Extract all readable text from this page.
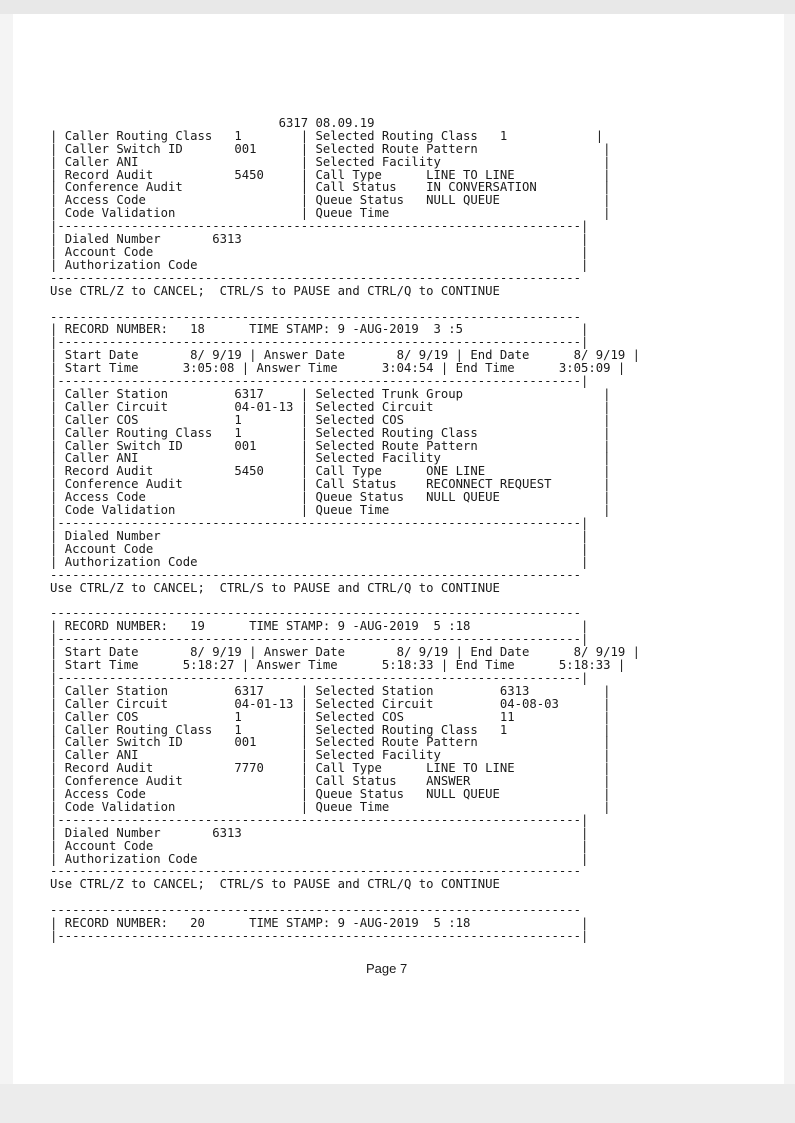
6317 08.09.19
| Caller Routing Class   1        | Selected Routing Class   1            |
| Caller Switch ID       001      | Selected Route Pattern                 |
| Caller ANI                      | Selected Facility                      |
| Record Audit           5450     | Call Type      LINE TO LINE            |
| Conference Audit                | Call Status    IN CONVERSATION         |
| Access Code                     | Queue Status   NULL QUEUE              |
| Code Validation                 | Queue Time                             |
|-----------------------------------------------------------------------|
| Dialed Number       6313                                              |
| Account Code                                                          |
| Authorization Code                                                    |
------------------------------------------------------------------------
Use CTRL/Z to CANCEL;  CTRL/S to PAUSE and CTRL/Q to CONTINUE

------------------------------------------------------------------------
| RECORD NUMBER:   18      TIME STAMP: 9 -AUG-2019  3 :5                |
|-----------------------------------------------------------------------|
| Start Date       8/ 9/19 | Answer Date       8/ 9/19 | End Date      8/ 9/19 |
| Start Time      3:05:08 | Answer Time      3:04:54 | End Time      3:05:09 |
|-----------------------------------------------------------------------|
| Caller Station         6317     | Selected Trunk Group                   |
| Caller Circuit         04-01-13 | Selected Circuit                       |
| Caller COS             1        | Selected COS                           |
| Caller Routing Class   1        | Selected Routing Class                 |
| Caller Switch ID       001      | Selected Route Pattern                 |
| Caller ANI                      | Selected Facility                      |
| Record Audit           5450     | Call Type      ONE LINE                |
| Conference Audit                | Call Status    RECONNECT REQUEST       |
| Access Code                     | Queue Status   NULL QUEUE              |
| Code Validation                 | Queue Time                             |
|-----------------------------------------------------------------------|
| Dialed Number                                                         |
| Account Code                                                          |
| Authorization Code                                                    |
------------------------------------------------------------------------
Use CTRL/Z to CANCEL;  CTRL/S to PAUSE and CTRL/Q to CONTINUE

------------------------------------------------------------------------
| RECORD NUMBER:   19      TIME STAMP: 9 -AUG-2019  5 :18               |
|-----------------------------------------------------------------------|
| Start Date       8/ 9/19 | Answer Date       8/ 9/19 | End Date      8/ 9/19 |
| Start Time      5:18:27 | Answer Time      5:18:33 | End Time      5:18:33 |
|-----------------------------------------------------------------------|
| Caller Station         6317     | Selected Station         6313          |
| Caller Circuit         04-01-13 | Selected Circuit         04-08-03      |
| Caller COS             1        | Selected COS             11            |
| Caller Routing Class   1        | Selected Routing Class   1             |
| Caller Switch ID       001      | Selected Route Pattern                 |
| Caller ANI                      | Selected Facility                      |
| Record Audit           7770     | Call Type      LINE TO LINE            |
| Conference Audit                | Call Status    ANSWER                  |
| Access Code                     | Queue Status   NULL QUEUE              |
| Code Validation                 | Queue Time                             |
|-----------------------------------------------------------------------|
| Dialed Number       6313                                              |
| Account Code                                                          |
| Authorization Code                                                    |
------------------------------------------------------------------------
Use CTRL/Z to CANCEL;  CTRL/S to PAUSE and CTRL/Q to CONTINUE

------------------------------------------------------------------------
| RECORD NUMBER:   20      TIME STAMP: 9 -AUG-2019  5 :18               |
|-----------------------------------------------------------------------|

Page 7
